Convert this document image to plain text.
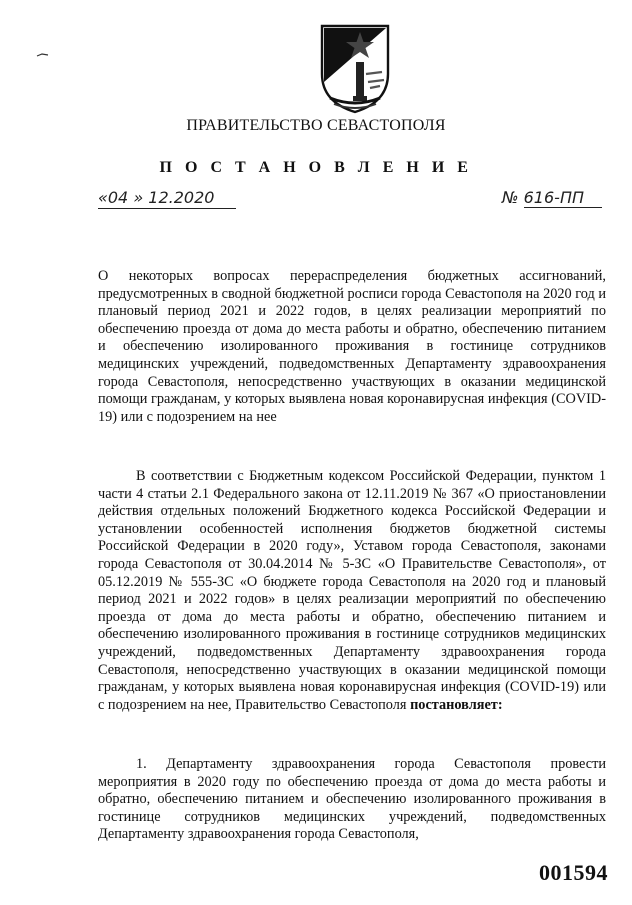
ПРАВИТЕЛЬСТВО СЕВАСТОПОЛЯ
П О С Т А Н О В Л Е Н И Е
«04 » 12.2020	№ 616-ПП
О некоторых вопросах перераспределения бюджетных ассигнований, предусмотренных в сводной бюджетной росписи города Севастополя на 2020 год и плановый период 2021 и 2022 годов, в целях реализации мероприятий по обеспечению проезда от дома до места работы и обратно, обеспечению питанием и обеспечению изолированного проживания в гостинице сотрудников медицинских учреждений, подведомственных Департаменту здравоохранения города Севастополя, непосредственно участвующих в оказании медицинской помощи гражданам, у которых выявлена новая коронавирусная инфекция (COVID-19) или с подозрением на нее
В соответствии с Бюджетным кодексом Российской Федерации, пунктом 1 части 4 статьи 2.1 Федерального закона от 12.11.2019 № 367 «О приостановлении действия отдельных положений Бюджетного кодекса Российской Федерации и установлении особенностей исполнения бюджетов бюджетной системы Российской Федерации в 2020 году», Уставом города Севастополя, законами города Севастополя от 30.04.2014 № 5-ЗС «О Правительстве Севастополя», от 05.12.2019 № 555-ЗС «О бюджете города Севастополя на 2020 год и плановый период 2021 и 2022 годов» в целях реализации мероприятий по обеспечению проезда от дома до места работы и обратно, обеспечению питанием и обеспечению изолированного проживания в гостинице сотрудников медицинских учреждений, подведомственных Департаменту здравоохранения города Севастополя, непосредственно участвующих в оказании медицинской помощи гражданам, у которых выявлена новая коронавирусная инфекция (COVID-19) или с подозрением на нее, Правительство Севастополя постановляет:
1. Департаменту здравоохранения города Севастополя провести мероприятия в 2020 году по обеспечению проезда от дома до места работы и обратно, обеспечению питанием и обеспечению изолированного проживания в гостинице сотрудников медицинских учреждений, подведомственных Департаменту здравоохранения города Севастополя,
001594
